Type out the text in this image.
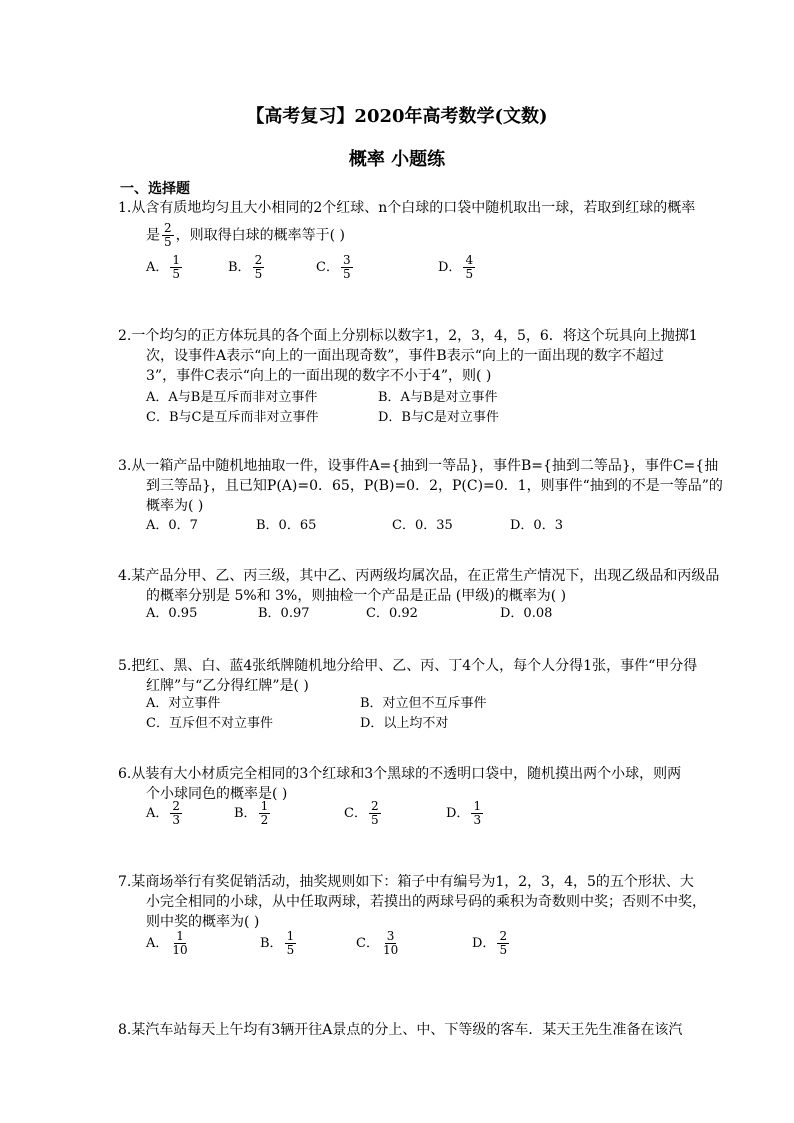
【高考复习】2020年高考数学(文数)
概率 小题练
一、选择题
1.从含有质地均匀且大小相同的2个红球、n个白球的口袋中随机取出一球，若取到红球的概率
是 $\frac{2}{5}$ ，则取得白球的概率等于( )
A． $\frac{1}{5}$	B． $\frac{2}{5}$	C． $\frac{3}{5}$	D． $\frac{4}{5}$
2.一个均匀的正方体玩具的各个面上分别标以数字1，2，3，4，5，6．将这个玩具向上抛掷1
次，设事件A表示“向上的一面出现奇数”，事件B表示“向上的一面出现的数字不超过
3”，事件C表示“向上的一面出现的数字不小于4”，则( )
A．A与B是互斥而非对立事件	B．A与B是对立事件
C．B与C是互斥而非对立事件	D．B与C是对立事件
3.从一箱产品中随机地抽取一件，设事件A={抽到一等品}，事件B={抽到二等品}，事件C={抽
到三等品}，且已知P(A)=0．65，P(B)=0．2，P(C)=0．1，则事件“抽到的不是一等品”的
概率为( )
A．0．7	B．0．65	C．0．35	D．0．3
4.某产品分甲、乙、丙三级，其中乙、丙两级均属次品，在正常生产情况下，出现乙级品和丙级品
的概率分别是 5%和 3%，则抽检一个产品是正品 (甲级)的概率为( )
A．0.95	B．0.97	C．0.92	D．0.08
5.把红、黑、白、蓝4张纸牌随机地分给甲、乙、丙、丁4个人，每个人分得1张，事件“甲分得
红牌”与“乙分得红牌”是( )
A．对立事件	B．对立但不互斥事件
C．互斥但不对立事件	D．以上均不对
6.从装有大小材质完全相同的3个红球和3个黑球的不透明口袋中，随机摸出两个小球，则两
个小球同色的概率是( )
A． $\frac{2}{3}$	B． $\frac{1}{2}$	C． $\frac{2}{5}$	D． $\frac{1}{3}$
7.某商场举行有奖促销活动，抽奖规则如下：箱子中有编号为1，2，3，4，5的五个形状、大
小完全相同的小球，从中任取两球，若摸出的两球号码的乘积为奇数则中奖；否则不中奖，
则中奖的概率为( )
A． $\frac{1}{10}$	B． $\frac{1}{5}$	C． $\frac{3}{10}$	D． $\frac{2}{5}$
8.某汽车站每天上午均有3辆开往A景点的分上、中、下等级的客车．某天王先生准备在该汽
